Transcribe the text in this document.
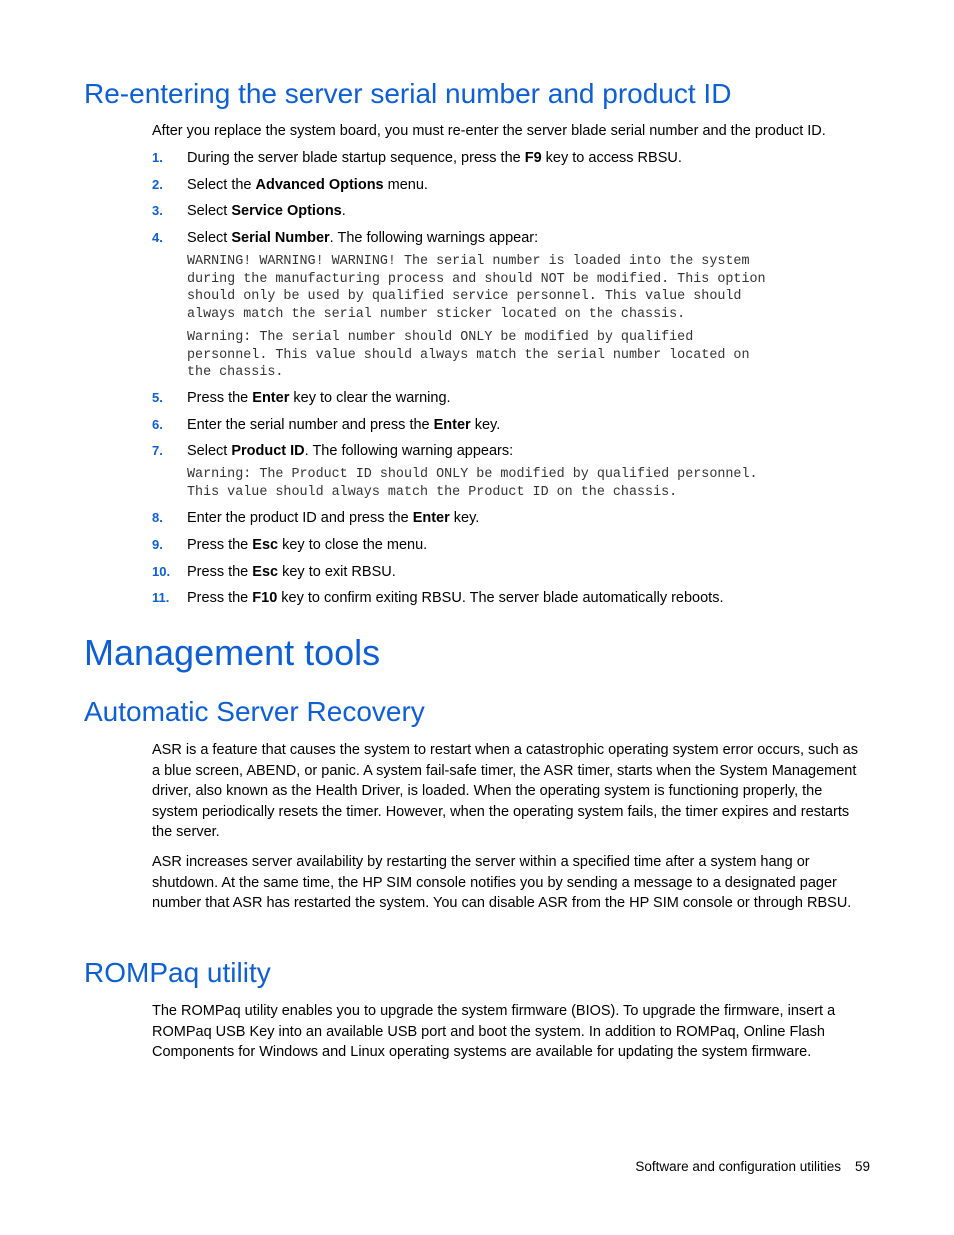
Re-entering the server serial number and product ID

After you replace the system board, you must re-enter the server blade serial number and the product ID.

1. During the server blade startup sequence, press the F9 key to access RBSU.
2. Select the Advanced Options menu.
3. Select Service Options.
4. Select Serial Number. The following warnings appear:
WARNING! WARNING! WARNING! The serial number is loaded into the system
during the manufacturing process and should NOT be modified. This option
should only be used by qualified service personnel. This value should
always match the serial number sticker located on the chassis.
Warning: The serial number should ONLY be modified by qualified
personnel. This value should always match the serial number located on
the chassis.
5. Press the Enter key to clear the warning.
6. Enter the serial number and press the Enter key.
7. Select Product ID. The following warning appears:
Warning: The Product ID should ONLY be modified by qualified personnel.
This value should always match the Product ID on the chassis.
8. Enter the product ID and press the Enter key.
9. Press the Esc key to close the menu.
10. Press the Esc key to exit RBSU.
11. Press the F10 key to confirm exiting RBSU. The server blade automatically reboots.
Management tools
Automatic Server Recovery

ASR is a feature that causes the system to restart when a catastrophic operating system error occurs, such as a blue screen, ABEND, or panic. A system fail-safe timer, the ASR timer, starts when the System Management driver, also known as the Health Driver, is loaded. When the operating system is functioning properly, the system periodically resets the timer. However, when the operating system fails, the timer expires and restarts the server.

ASR increases server availability by restarting the server within a specified time after a system hang or shutdown. At the same time, the HP SIM console notifies you by sending a message to a designated pager number that ASR has restarted the system. You can disable ASR from the HP SIM console or through RBSU.

ROMPaq utility

The ROMPaq utility enables you to upgrade the system firmware (BIOS). To upgrade the firmware, insert a ROMPaq USB Key into an available USB port and boot the system. In addition to ROMPaq, Online Flash Components for Windows and Linux operating systems are available for updating the system firmware.

Software and configuration utilities 59
